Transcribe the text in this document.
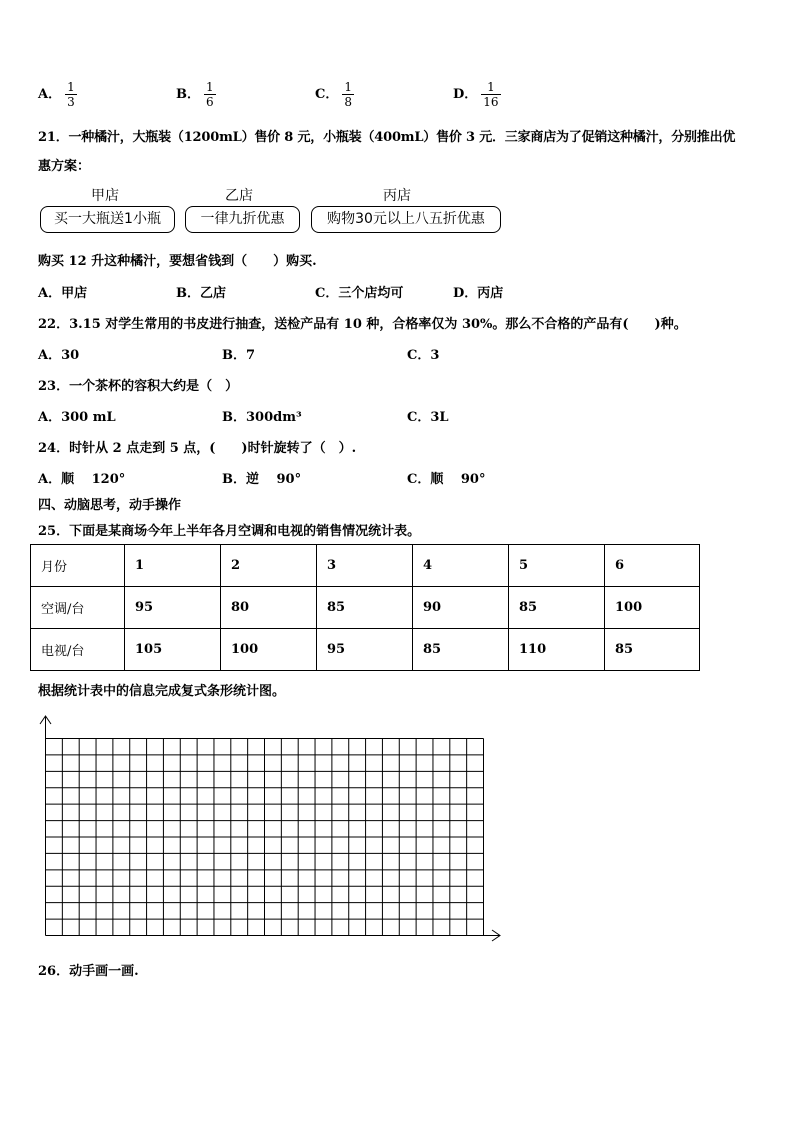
A． $\frac{1}{3}$	B． $\frac{1}{6}$	C． $\frac{1}{8}$	D． $\frac{1}{16}$
21．一种橘汁，大瓶装（1200mL）售价 8 元，小瓶装（400mL）售价 3 元．三家商店为了促销这种橘汁，分别推出优
惠方案：
甲店	乙店	丙店
买一大瓶送1小瓶	一律九折优惠	购物30元以上八五折优惠
购买 12 升这种橘汁，要想省钱到（　　）购买.
A．甲店	B．乙店	C．三个店均可	D．丙店
22．3.15 对学生常用的书皮进行抽查，送检产品有 10 种，合格率仅为 30%。那么不合格的产品有(　　)种。
A．30	B．7	C．3
23．一个茶杯的容积大约是（　）
A．300 mL	B．300dm³	C．3L
24．时针从 2 点走到 5 点，(　　)时针旋转了（　）.
A．顺　 120°	B．逆　 90°	C．顺　 90°
四、动脑思考，动手操作
25．下面是某商场今年上半年各月空调和电视的销售情况统计表。
月份	1	2	3	4	5	6
空调/台	95	80	85	90	85	100
电视/台	105	100	95	85	110	85
根据统计表中的信息完成复式条形统计图。
26．动手画一画.
